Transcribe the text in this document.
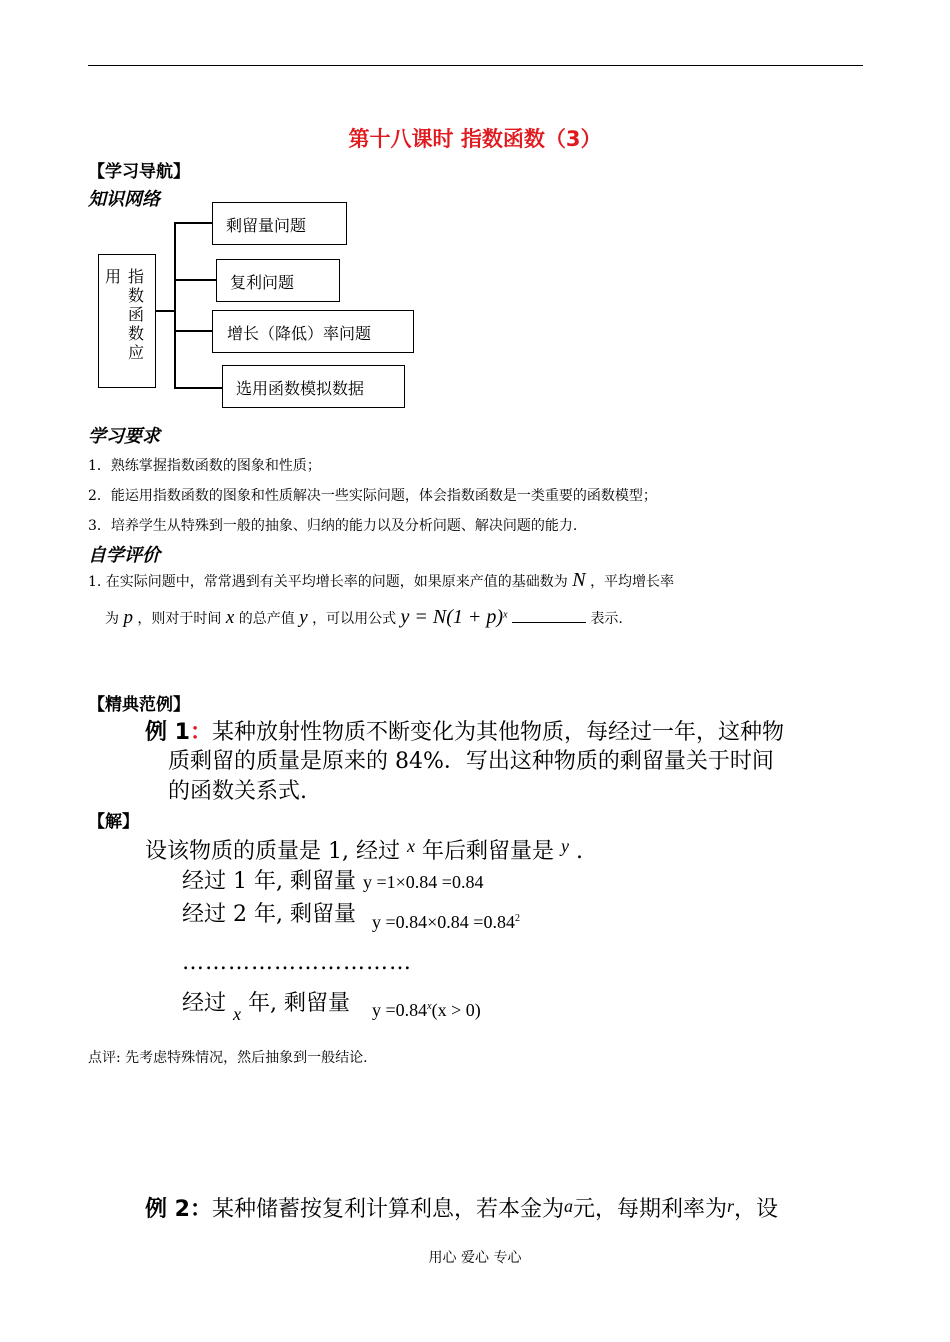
第十八课时 指数函数（3）
【学习导航】
知识网络
用 指数函数应
剩留量问题
复利问题
增长（降低）率问题
选用函数模拟数据
学习要求
1．熟练掌握指数函数的图象和性质；
2．能运用指数函数的图象和性质解决一些实际问题，体会指数函数是一类重要的函数模型；
3．培养学生从特殊到一般的抽象、归纳的能力以及分析问题、解决问题的能力.
自学评价
1. 在实际问题中，常常遇到有关平均增长率的问题，如果原来产值的基础数为 N ，平均增长率
为 p ，则对于时间 x 的总产值 y ，可以用公式 $y = N(1 + p)^x$	表示.
【精典范例】
例 1：某种放射性物质不断变化为其他物质，每经过一年，这种物
质剩留的质量是原来的 84%．写出这种物质的剩留量关于时间
的函数关系式.
【解】
设该物质的质量是 1, 经过 $^x$ 年后剩留量是 $^y$ .
经过 1 年, 剩留量 y =1×0.84 =0.84
经过 2 年, 剩留量 $y =0.84\times 0.84 =0.84^2$
…………………………
经过 $_x$ 年, 剩留量 $y =0.84^x(x > 0)$
点评: 先考虑特殊情况，然后抽象到一般结论.
例 2：某种储蓄按复利计算利息，若本金为a元，每期利率为r，设
用心 爱心 专心
